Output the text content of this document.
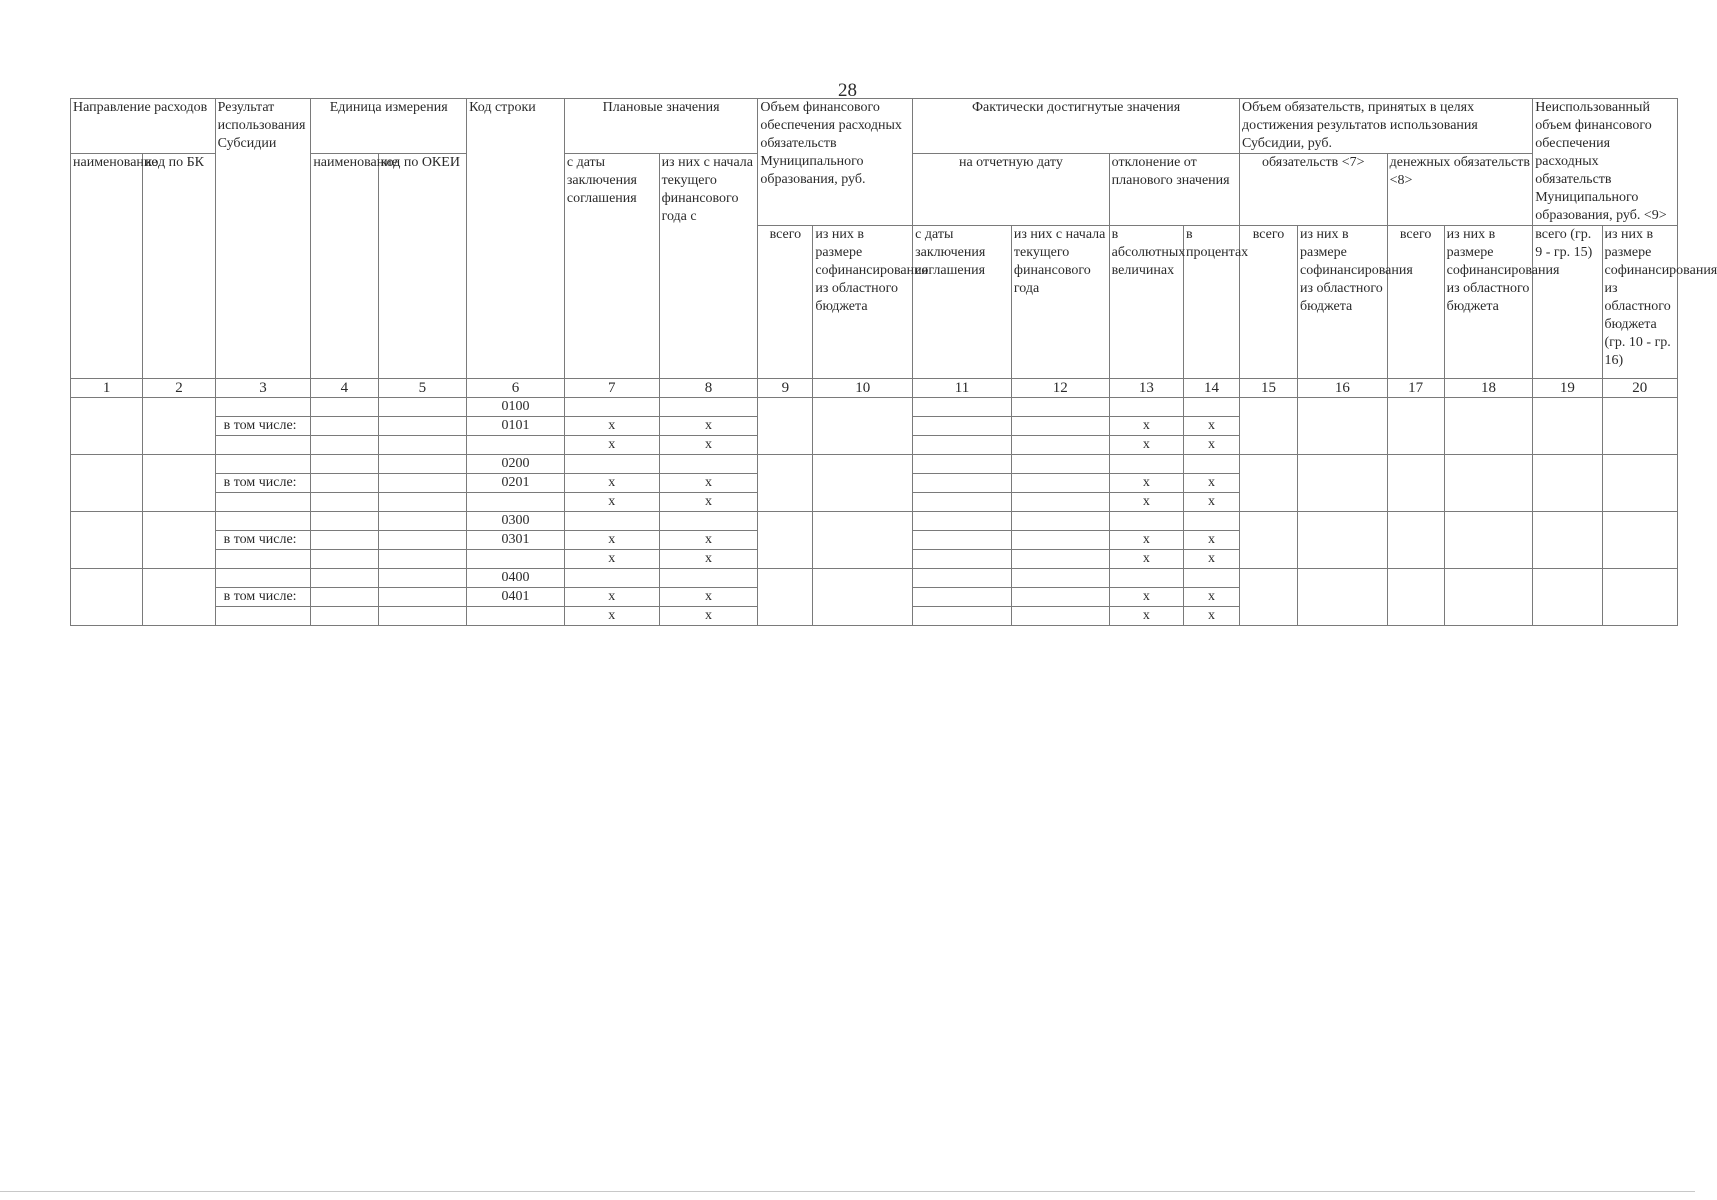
28
Направление расходов		Результат использования Субсидии	Единица измерения		Код строки	Плановые значения		Объем финансового обеспечения расходных обязательств Муниципального образования, руб.		Фактически достигнутые значения				Объем обязательств, принятых в целях достижения результатов использования Субсидии, руб.				Неиспользованный объем финансового обеспечения расходных обязательств Муниципального образования, руб. <9>	
наименование	код по БК		наименование	код по ОКЕИ		с даты заключения соглашения	из них с начала текущего финансового года с			на отчетную дату		отклонение от планового значения		обязательств <7>		денежных обязательств <8>			
								всего	из них в размере софинансирования из областного бюджета	с даты заключения соглашения	из них с начала текущего финансового года	в абсолютных величинах	в процентах	всего	из них в размере софинансирования из областного бюджета	всего	из них в размере софинансирования из областного бюджета	всего (гр. 9 - гр. 15)	из них в размере софинансирования из областного бюджета (гр. 10 - гр. 16)
1	2	3	4	5	6	7	8	9	10	11	12	13	14	15	16	17	18	19	20
					0100														
		в том числе:			0101	x	x					x	x						
						x	x					x	x						
					0200														
		в том числе:			0201	x	x					x	x						
						x	x					x	x						
					0300														
		в том числе:			0301	x	x					x	x						
						x	x					x	x						
					0400														
		в том числе:			0401	x	x					x	x						
						x	x					x	x						
